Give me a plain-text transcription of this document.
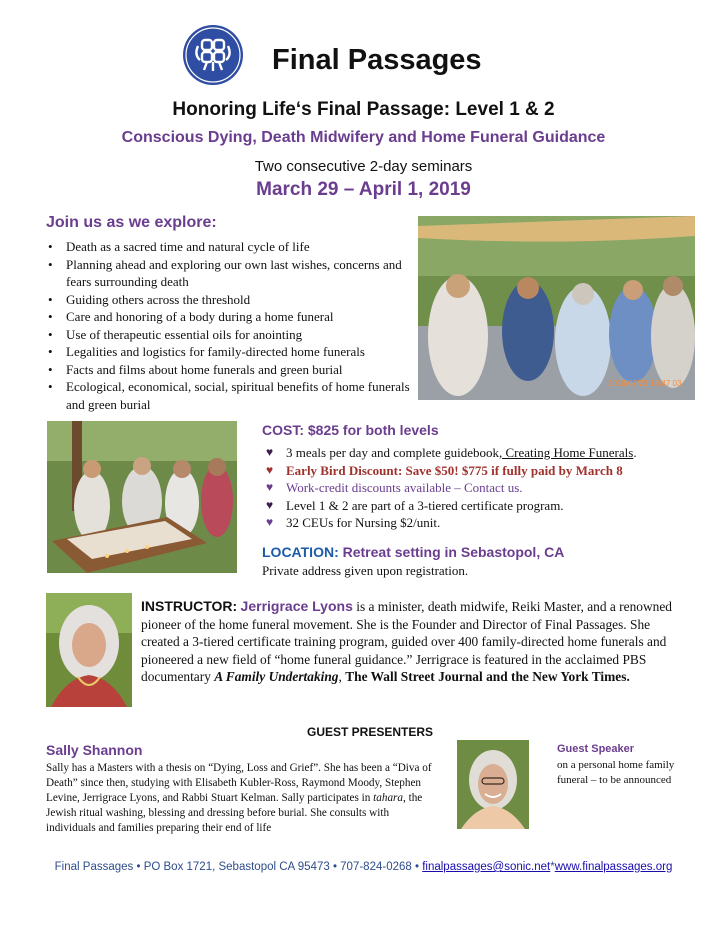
Final Passages
Honoring Life‘s Final Passage: Level 1 & 2
Conscious Dying, Death Midwifery and Home Funeral Guidance
Two consecutive 2-day seminars
March 29 – April 1, 2019
Join us as we explore:
• Death as a sacred time and natural cycle of life
• Planning ahead and exploring our own last wishes, concerns and fears surrounding death
• Guiding others across the threshold
• Care and honoring of a body during a home funeral
• Use of therapeutic essential oils for anointing
• Legalities and logistics for family-directed home funerals
• Facts and films about home funerals and green burial
• Ecological, economical, social, spiritual benefits of home funerals and green burial
2016/07/23 13:47 03
COST: $825 for both levels
♥ 3 meals per day and complete guidebook, Creating Home Funerals.
♥ Early Bird Discount: Save $50! $775 if fully paid by March 8
♥ Work-credit discounts available – Contact us.
♥ Level 1 & 2 are part of a 3-tiered certificate program.
♥ 32 CEUs for Nursing $2/unit.
LOCATION: Retreat setting in Sebastopol, CA
Private address given upon registration.
INSTRUCTOR: Jerrigrace Lyons is a minister, death midwife, Reiki Master, and a renowned pioneer of the home funeral movement. She is the Founder and Director of Final Passages. She created a 3-tiered certificate training program, guided over 400 family-directed home funerals and pioneered a new field of “home funeral guidance.” Jerrigrace is featured in the acclaimed PBS documentary A Family Undertaking, The Wall Street Journal and the New York Times.
GUEST PRESENTERS
Sally Shannon
Sally has a Masters with a thesis on “Dying, Loss and Grief”. She has been a “Diva of Death” since then, studying with Elisabeth Kubler-Ross, Raymond Moody, Stephen Levine, Jerrigrace Lyons, and Rabbi Stuart Kelman. Sally participates in tahara, the Jewish ritual washing, blessing and dressing before burial. She consults with individuals and families preparing their end of life
Guest Speaker
on a personal home family funeral – to be announced
Final Passages • PO Box 1721, Sebastopol CA 95473 • 707-824-0268 • finalpassages@sonic.net*www.finalpassages.org
